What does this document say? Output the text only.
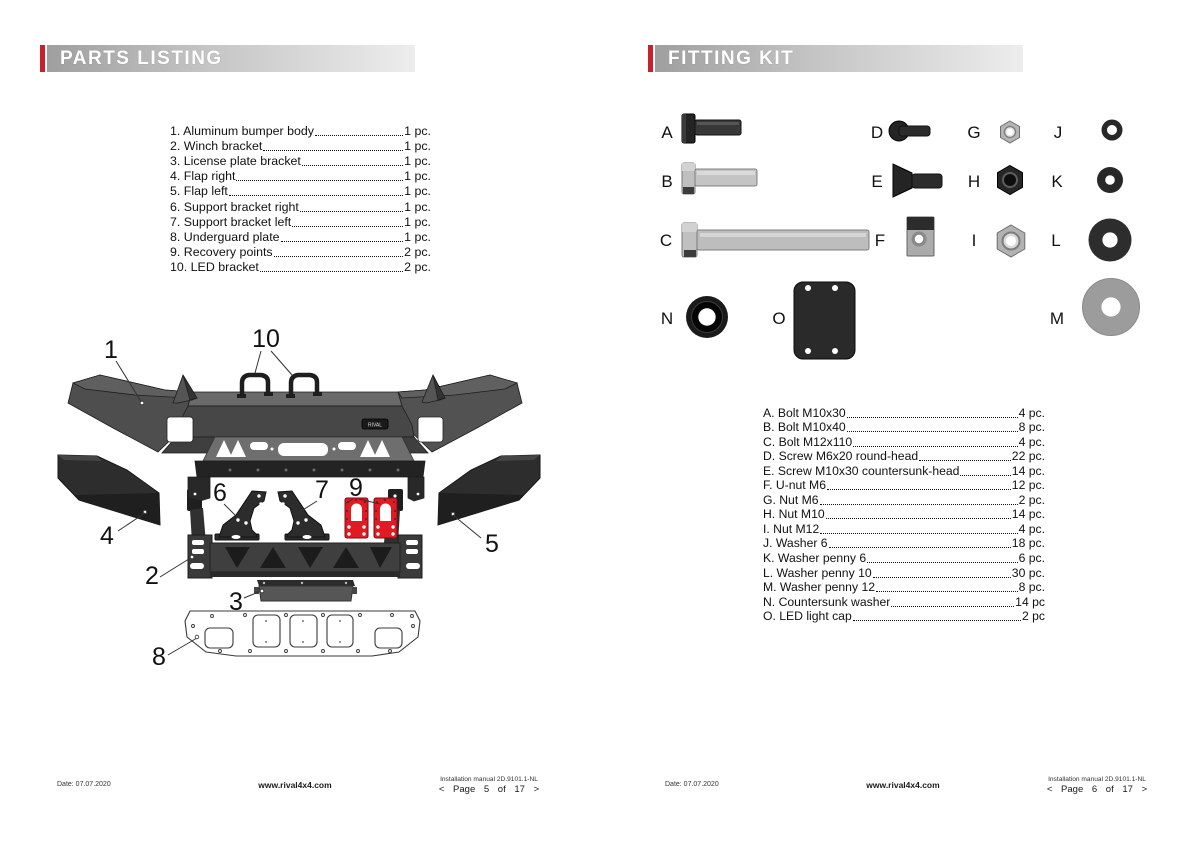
PARTS LISTING
1. Aluminum bumper body	1 pc.
2. Winch bracket	1 pc.
3. License plate bracket	1 pc.
4. Flap right	1 pc.
5. Flap left	1 pc.
6. Support bracket right	1 pc.
7. Support bracket left	1 pc.
8. Underguard plate	1 pc.
9. Recovery points	2 pc.
10. LED bracket	2 pc.
RIVAL
1
2
3
4	5
6	7
8
9
10
Date: 07.07.2020	www.rival4x4.com
Installation manual 2D.9101.1-NL
< Page 5 of 17 >
FITTING KIT
A
B
C
D
E
F
G
H
I
J
K
L
M
N	O
A. Bolt M10x30	4 pc.
B. Bolt M10x40	8 pc.
C. Bolt M12x110	4 pc.
D. Screw M6x20 round-head	22 pc.
E. Screw M10x30 countersunk-head	14 pc.
F. U-nut M6	12 pc.
G. Nut M6	2 pc.
H. Nut M10	14 pc.
I. Nut M12	4 pc.
J. Washer 6	18 pc.
K. Washer penny 6	6 pc.
L. Washer penny 10	30 pc.
M. Washer penny 12	8 pc.
N. Countersunk washer	14 pc
O. LED light cap	2 pc
Date: 07.07.2020	www.rival4x4.com
Installation manual 2D.9101.1-NL
< Page 6 of 17 >
